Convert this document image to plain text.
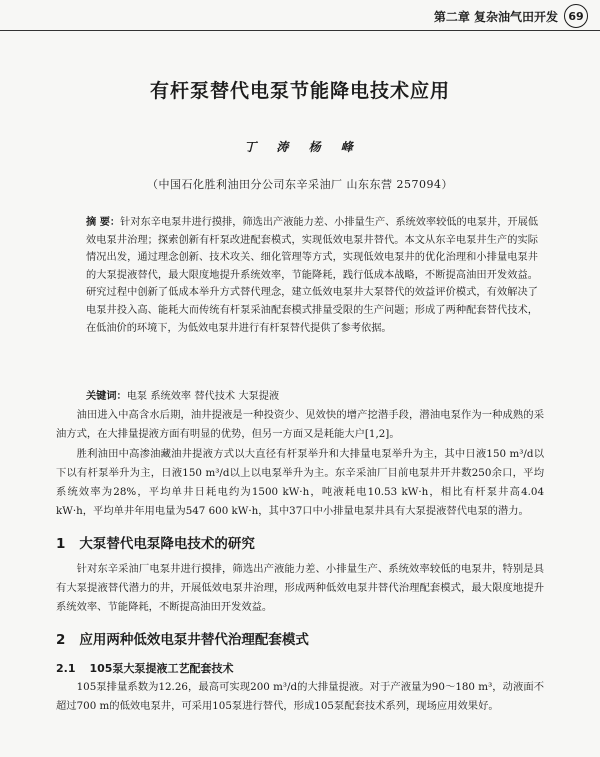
第二章 复杂油气田开发 69
有杆泵替代电泵节能降电技术应用
丁 涛 杨 峰
（中国石化胜利油田分公司东辛采油厂 山东东营 257094）
摘 要：针对东辛电泵井进行摸排，筛选出产液能力差、小排量生产、系统效率较低的电泵井，开展低效电泵井治理；探索创新有杆泵改进配套模式，实现低效电泵井替代。本文从东辛电泵井生产的实际情况出发，通过理念创新、技术攻关、细化管理等方式，实现低效电泵井的优化治理和小排量电泵井的大泵提液替代，最大限度地提升系统效率，节能降耗，践行低成本战略，不断提高油田开发效益。研究过程中创新了低成本举升方式替代理念，建立低效电泵井大泵替代的效益评价模式，有效解决了电泵井投入高、能耗大而传统有杆泵采油配套模式排量受限的生产问题；形成了两种配套替代技术，在低油价的环境下，为低效电泵井进行有杆泵替代提供了参考依据。
关键词：电泵 系统效率 替代技术 大泵提液

油田进入中高含水后期，油井提液是一种投资少、见效快的增产挖潜手段，潜油电泵作为一种成熟的采油方式，在大排量提液方面有明显的优势，但另一方面又是耗能大户[1,2]。

胜利油田中高渗油藏油井提液方式以大直径有杆泵举升和大排量电泵举升为主，其中日液150 m³/d以下以有杆泵举升为主，日液150 m³/d以上以电泵举升为主。东辛采油厂目前电泵井开井数250余口，平均系统效率为28%，平均单井日耗电约为1500 kW·h，吨液耗电10.53 kW·h，相比有杆泵井高4.04 kW·h，平均单井年用电量为547 600 kW·h，其中37口中小排量电泵井具有大泵提液替代电泵的潜力。

1 大泵替代电泵降电技术的研究

针对东辛采油厂电泵井进行摸排，筛选出产液能力差、小排量生产、系统效率较低的电泵井，特别是具有大泵提液替代潜力的井，开展低效电泵井治理，形成两种低效电泵井替代治理配套模式，最大限度地提升系统效率、节能降耗，不断提高油田开发效益。

2 应用两种低效电泵井替代治理配套模式
2.1 105泵大泵提液工艺配套技术

105泵排量系数为12.26，最高可实现200 m³/d的大排量提液。对于产液量为90～180 m³，动液面不超过700 m的低效电泵井，可采用105泵进行替代，形成105泵配套技术系列，现场应用效果好。
